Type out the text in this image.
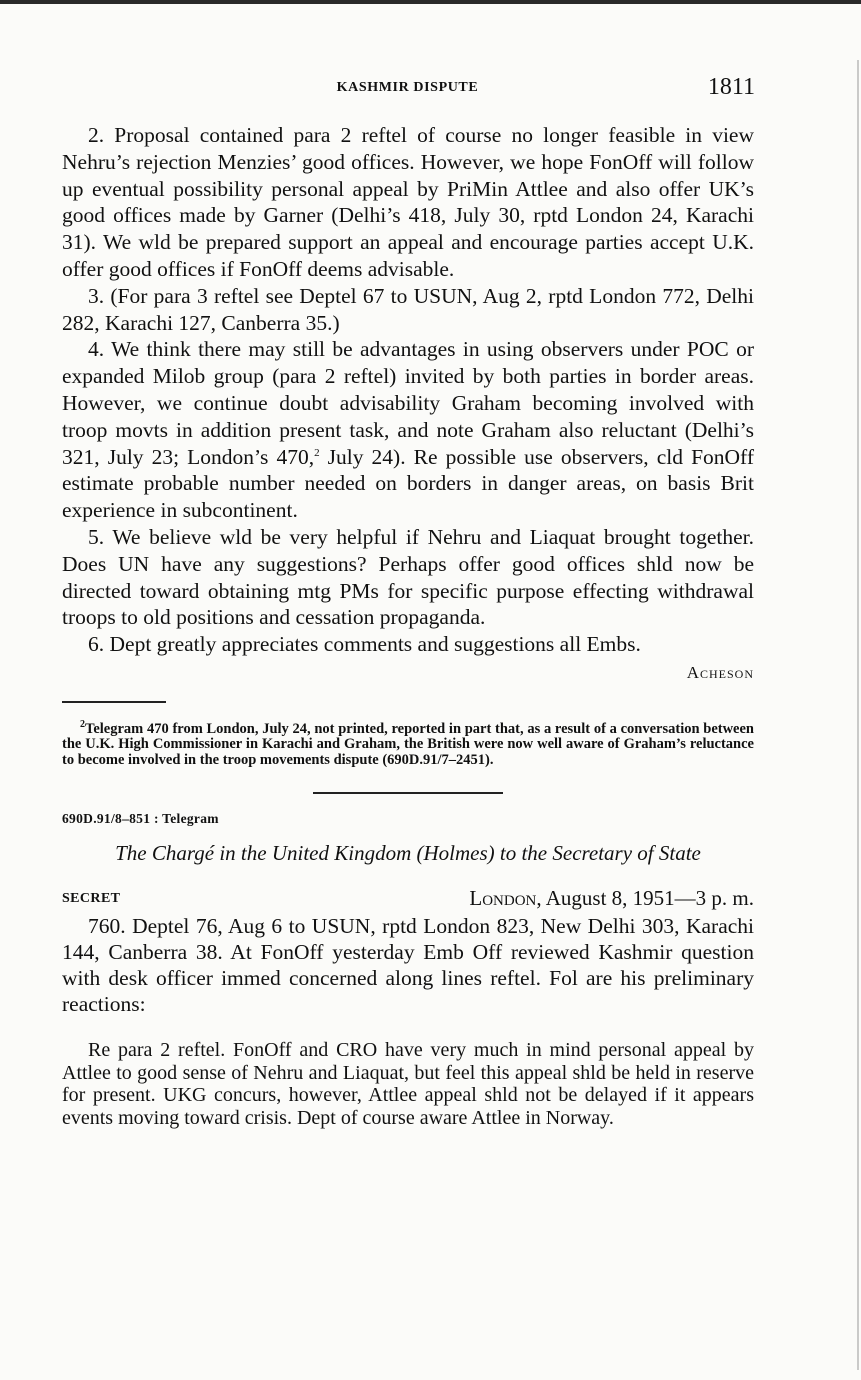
KASHMIR DISPUTE	1811

2. Proposal contained para 2 reftel of course no longer feasible in view Nehru’s rejection Menzies’ good offices. However, we hope FonOff will follow up eventual possibility personal appeal by PriMin Attlee and also offer UK’s good offices made by Garner (Delhi’s 418, July 30, rptd London 24, Karachi 31). We wld be prepared support an appeal and encourage parties accept U.K. offer good offices if FonOff deems advisable.

3. (For para 3 reftel see Deptel 67 to USUN, Aug 2, rptd London 772, Delhi 282, Karachi 127, Canberra 35.)

4. We think there may still be advantages in using observers under POC or expanded Milob group (para 2 reftel) invited by both parties in border areas. However, we continue doubt advisability Graham becoming involved with troop movts in addition present task, and note Graham also reluctant (Delhi’s 321, July 23; London’s 470,$^2$ July 24). Re possible use observers, cld FonOff estimate probable number needed on borders in danger areas, on basis Brit experience in subcontinent.

5. We believe wld be very helpful if Nehru and Liaquat brought together. Does UN have any suggestions? Perhaps offer good offices shld now be directed toward obtaining mtg PMs for specific purpose effecting withdrawal troops to old positions and cessation propaganda.

6. Dept greatly appreciates comments and suggestions all Embs.

Acheson

$^2$Telegram 470 from London, July 24, not printed, reported in part that, as a result of a conversation between the U.K. High Commissioner in Karachi and Graham, the British were now well aware of Graham’s reluctance to become involved in the troop movements dispute (690D.91/7–2451).

690D.91/8–851 : Telegram
The Chargé in the United Kingdom (Holmes) to the Secretary of State
SECRET	London, August 8, 1951—3 p. m.

760. Deptel 76, Aug 6 to USUN, rptd London 823, New Delhi 303, Karachi 144, Canberra 38. At FonOff yesterday Emb Off reviewed Kashmir question with desk officer immed concerned along lines reftel. Fol are his preliminary reactions:

Re para 2 reftel. FonOff and CRO have very much in mind personal appeal by Attlee to good sense of Nehru and Liaquat, but feel this appeal shld be held in reserve for present. UKG concurs, however, Attlee appeal shld not be delayed if it appears events moving toward crisis. Dept of course aware Attlee in Norway.
